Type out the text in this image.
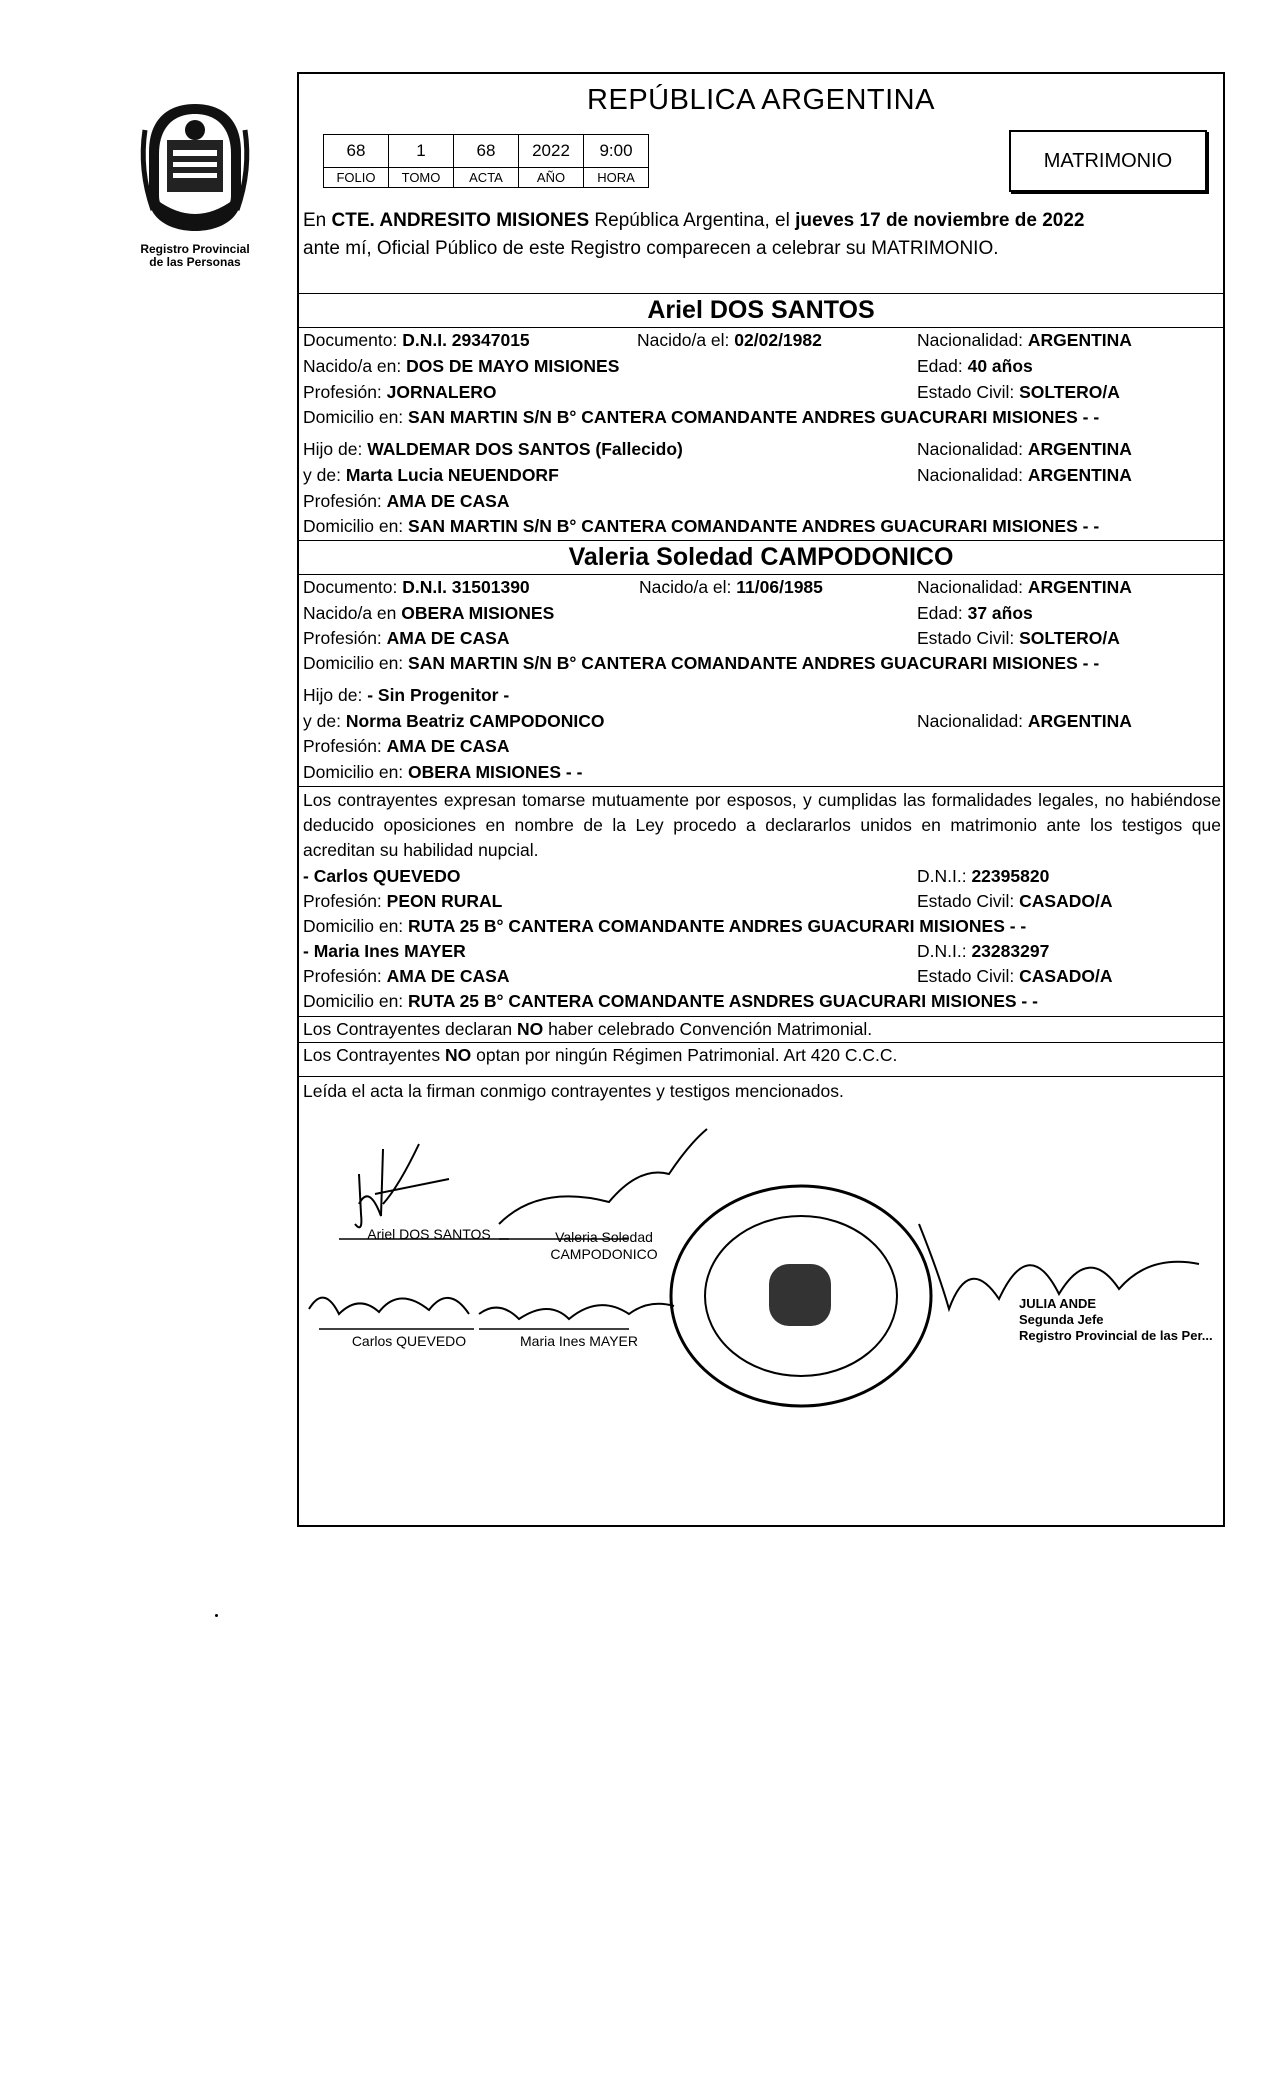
Registro Provincial
de las Personas
REPÚBLICA ARGENTINA
68	1	68	2022	9:00
FOLIO	TOMO	ACTA	AÑO	HORA
MATRIMONIO
En CTE. ANDRESITO MISIONES República Argentina, el jueves 17 de noviembre de 2022
ante mí, Oficial Público de este Registro comparecen a celebrar su MATRIMONIO.
Ariel DOS SANTOS
Documento: D.N.I. 29347015	Nacido/a el: 02/02/1982	Nacionalidad: ARGENTINA
Nacido/a en: DOS DE MAYO MISIONES	Edad: 40 años
Profesión: JORNALERO	Estado Civil: SOLTERO/A
Domicilio en: SAN MARTIN S/N B° CANTERA COMANDANTE ANDRES GUACURARI MISIONES - -
Hijo de: WALDEMAR DOS SANTOS (Fallecido)	Nacionalidad: ARGENTINA
y de: Marta Lucia NEUENDORF	Nacionalidad: ARGENTINA
Profesión: AMA DE CASA
Domicilio en: SAN MARTIN S/N B° CANTERA COMANDANTE ANDRES GUACURARI MISIONES - -
Valeria Soledad CAMPODONICO
Documento: D.N.I. 31501390	Nacido/a el: 11/06/1985	Nacionalidad: ARGENTINA
Nacido/a en OBERA MISIONES	Edad: 37 años
Profesión: AMA DE CASA	Estado Civil: SOLTERO/A
Domicilio en: SAN MARTIN S/N B° CANTERA COMANDANTE ANDRES GUACURARI MISIONES - -
Hijo de: - Sin Progenitor -
y de: Norma Beatriz CAMPODONICO	Nacionalidad: ARGENTINA
Profesión: AMA DE CASA
Domicilio en: OBERA MISIONES - -
Los contrayentes expresan tomarse mutuamente por esposos, y cumplidas las formalidades legales, no habiéndose deducido oposiciones en nombre de la Ley procedo a declararlos unidos en matrimonio ante los testigos que acreditan su habilidad nupcial.
- Carlos QUEVEDO	D.N.I.: 22395820
Profesión: PEON RURAL	Estado Civil: CASADO/A
Domicilio en: RUTA 25 B° CANTERA COMANDANTE ANDRES GUACURARI MISIONES - -
- Maria Ines MAYER	D.N.I.: 23283297
Profesión: AMA DE CASA	Estado Civil: CASADO/A
Domicilio en: RUTA 25 B° CANTERA COMANDANTE ASNDRES GUACURARI MISIONES - -
Los Contrayentes declaran NO haber celebrado Convención Matrimonial.
Los Contrayentes NO optan por ningún Régimen Patrimonial. Art 420 C.C.C.
Leída el acta la firman conmigo contrayentes y testigos mencionados.
Ariel DOS SANTOS	Valeria Soledad
CAMPODONICO
Carlos QUEVEDO	Maria Ines MAYER
JULIA ANDE
Segunda Jefe
Registro Provincial de las Per...
